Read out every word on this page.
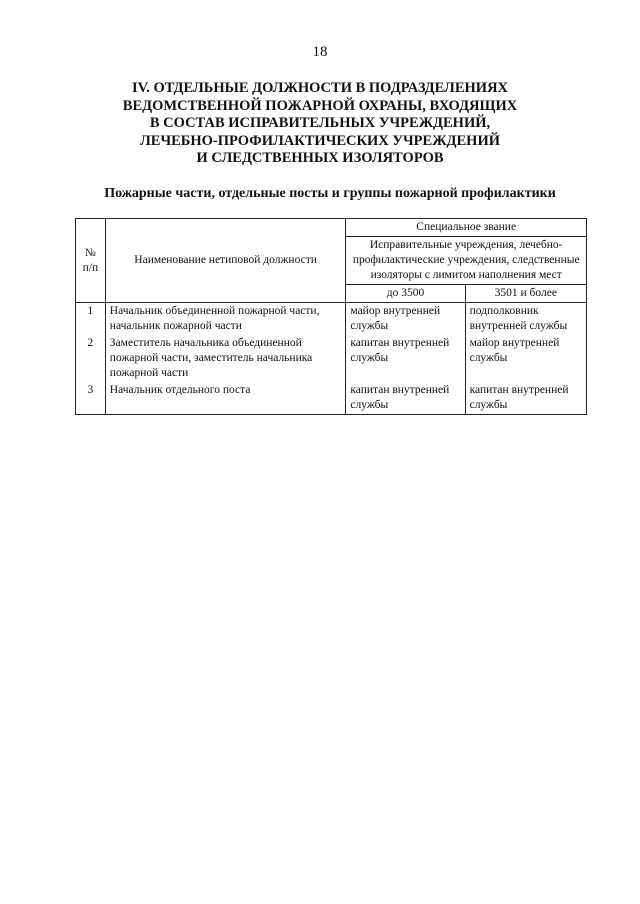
18
IV. ОТДЕЛЬНЫЕ ДОЛЖНОСТИ В ПОДРАЗДЕЛЕНИЯХ
ВЕДОМСТВЕННОЙ ПОЖАРНОЙ ОХРАНЫ, ВХОДЯЩИХ
В СОСТАВ ИСПРАВИТЕЛЬНЫХ УЧРЕЖДЕНИЙ,
ЛЕЧЕБНО-ПРОФИЛАКТИЧЕСКИХ УЧРЕЖДЕНИЙ
И СЛЕДСТВЕННЫХ ИЗОЛЯТОРОВ
Пожарные части, отдельные посты и группы пожарной профилактики
№ п/п	Наименование нетиповой должности	Специальное звание	
		Исправительные учреждения, лечебно-профилактические учреждения, следственные изоляторы с лимитом наполнения мест	
		до 3500	3501 и более
1	Начальник объединенной пожарной части, начальник пожарной части	майор внутренней службы	подполковник внутренней службы
2	Заместитель начальника объединенной пожарной части, заместитель начальника пожарной части	капитан внутренней службы	майор внутренней службы
3	Начальник отдельного поста	капитан внутренней службы	капитан внутренней службы
